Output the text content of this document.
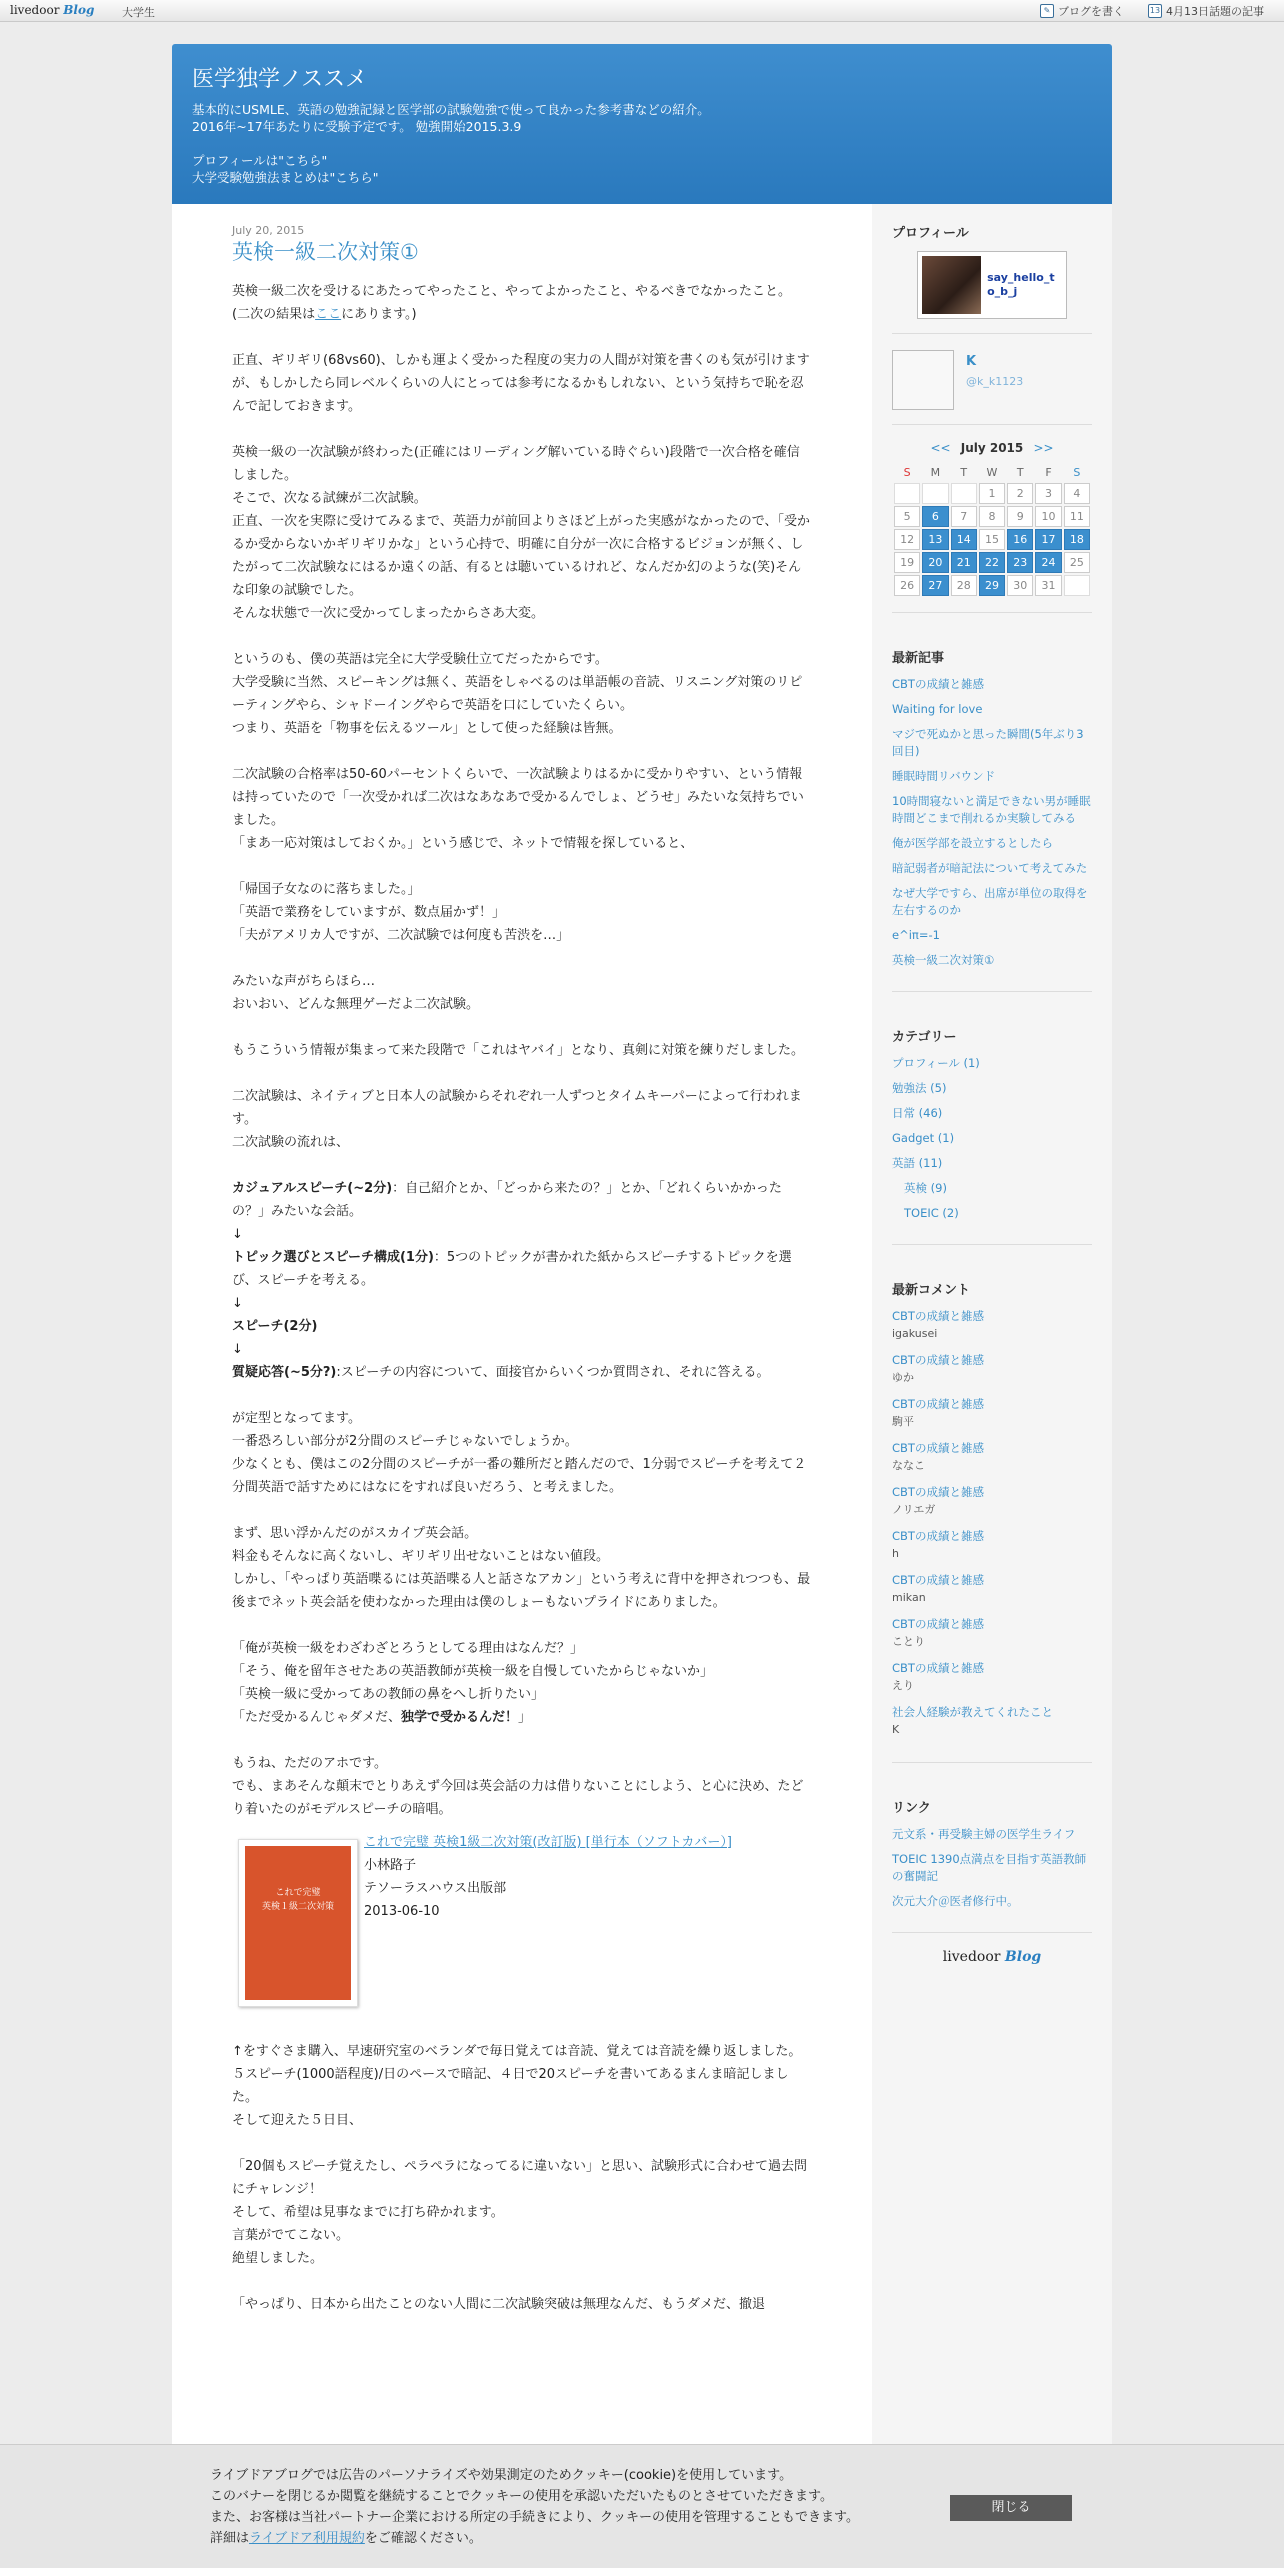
livedoor Blog	大学生	✎ ブログを書く	13 4月13日話題の記事
医学独学ノススメ

基本的にUSMLE、英語の勉強記録と医学部の試験勉強で使って良かった参考書などの紹介。

2016年~17年あたりに受験予定です。 勉強開始2015.3.9

プロフィールは"こちら"

大学受験勉強法まとめは"こちら"

July 20, 2015
英検一級二次対策①

英検一級二次を受けるにあたってやったこと、やってよかったこと、やるべきでなかったこと。

(二次の結果はここにあります。)

正直、ギリギリ(68vs60)、しかも運よく受かった程度の実力の人間が対策を書くのも気が引けますが、もしかしたら同レベルくらいの人にとっては参考になるかもしれない、という気持ちで恥を忍んで記しておきます。

英検一級の一次試験が終わった(正確にはリーディング解いている時ぐらい)段階で一次合格を確信しました。

そこで、次なる試練が二次試験。

正直、一次を実際に受けてみるまで、英語力が前回よりさほど上がった実感がなかったので、「受かるか受からないかギリギリかな」という心持で、明確に自分が一次に合格するビジョンが無く、したがって二次試験なにはるか遠くの話、有るとは聴いているけれど、なんだか幻のような(笑)そんな印象の試験でした。

そんな状態で一次に受かってしまったからさあ大変。

というのも、僕の英語は完全に大学受験仕立てだったからです。

大学受験に当然、スピーキングは無く、英語をしゃべるのは単語帳の音読、リスニング対策のリピーティングやら、シャドーイングやらで英語を口にしていたくらい。

つまり、英語を「物事を伝えるツール」として使った経験は皆無。

二次試験の合格率は50-60パーセントくらいで、一次試験よりはるかに受かりやすい、という情報は持っていたので「一次受かれば二次はなあなあで受かるんでしょ、どうせ」みたいな気持ちでいました。

「まあ一応対策はしておくか。」という感じで、ネットで情報を探していると、

「帰国子女なのに落ちました。」

「英語で業務をしていますが、数点届かず！」

「夫がアメリカ人ですが、二次試験では何度も苦渋を…」

みたいな声がちらほら…

おいおい、どんな無理ゲーだよ二次試験。

もうこういう情報が集まって来た段階で「これはヤバイ」となり、真剣に対策を練りだしました。

二次試験は、ネイティブと日本人の試験からそれぞれ一人ずつとタイムキーパーによって行われます。

二次試験の流れは、

カジュアルスピーチ(~2分)：自己紹介とか、「どっから来たの？」とか、「どれくらいかかったの？」みたいな会話。

↓

トピック選びとスピーチ構成(1分)：5つのトピックが書かれた紙からスピーチするトピックを選び、スピーチを考える。

↓

スピーチ(2分)

↓

質疑応答(~5分?):スピーチの内容について、面接官からいくつか質問され、それに答える。

が定型となってます。

一番恐ろしい部分が2分間のスピーチじゃないでしょうか。

少なくとも、僕はこの2分間のスピーチが一番の難所だと踏んだので、1分弱でスピーチを考えて２分間英語で話すためにはなにをすれば良いだろう、と考えました。

まず、思い浮かんだのがスカイプ英会話。

料金もそんなに高くないし、ギリギリ出せないことはない値段。

しかし、「やっぱり英語喋るには英語喋る人と話さなアカン」という考えに背中を押されつつも、最後までネット英会話を使わなかった理由は僕のしょーもないプライドにありました。

「俺が英検一級をわざわざとろうとしてる理由はなんだ？」

「そう、俺を留年させたあの英語教師が英検一級を自慢していたからじゃないか」

「英検一級に受かってあの教師の鼻をへし折りたい」

「ただ受かるんじゃダメだ、独学で受かるんだ！」

もうね、ただのアホです。

でも、まあそんな顛末でとりあえず今回は英会話の力は借りないことにしよう、と心に決め、たどり着いたのがモデルスピーチの暗唱。

これで完璧
英検１級二次対策
これで完璧 英検1級二次対策(改訂版) [単行本（ソフトカバー）]
小林路子
テソーラスハウス出版部
2013-06-10

↑をすぐさま購入、早速研究室のベランダで毎日覚えては音読、覚えては音読を繰り返しました。

５スピーチ(1000語程度)/日のペースで暗記、４日で20スピーチを書いてあるまんま暗記しました。

そして迎えた５日目、

「20個もスピーチ覚えたし、ペラペラになってるに違いない」と思い、試験形式に合わせて過去問にチャレンジ！

そして、希望は見事なまでに打ち砕かれます。

言葉がでてこない。

絶望しました。

「やっぱり、日本から出たことのない人間に二次試験突破は無理なんだ、もうダメだ、撤退

プロフィール
say_hello_to_b_j
K
@k_k1123
<< July 2015 >>
S	M	T	W	T	F	S
			1	2	3	4
5	6	7	8	9	10	11
12	13	14	15	16	17	18
19	20	21	22	23	24	25
26	27	28	29	30	31	
最新記事
CBTの成績と雑感
Waiting for love
マジで死ぬかと思った瞬間(5年ぶり3回目)
睡眠時間リバウンド
10時間寝ないと満足できない男が睡眠時間どこまで削れるか実験してみる
俺が医学部を設立するとしたら
暗記弱者が暗記法について考えてみた
なぜ大学ですら、出席が単位の取得を左右するのか
e^iπ=-1
英検一級二次対策①
カテゴリー
プロフィール (1)
勉強法 (5)
日常 (46)
Gadget (1)
英語 (11)
英検 (9)
TOEIC (2)
最新コメント
CBTの成績と雑感
igakusei
CBTの成績と雑感
ゆか
CBTの成績と雑感
駒平
CBTの成績と雑感
ななこ
CBTの成績と雑感
ノリエガ
CBTの成績と雑感
h
CBTの成績と雑感
mikan
CBTの成績と雑感
ことり
CBTの成績と雑感
えり
社会人経験が教えてくれたこと
K
リンク
元文系・再受験主婦の医学生ライフ
TOEIC 1390点満点を目指す英語教師の奮闘記
次元大介＠医者修行中。
livedoor Blog
ライブドアブログでは広告のパーソナライズや効果測定のためクッキー(cookie)を使用しています。
このバナーを閉じるか閲覧を継続することでクッキーの使用を承認いただいたものとさせていただきます。
また、お客様は当社パートナー企業における所定の手続きにより、クッキーの使用を管理することもできます。
詳細はライブドア利用規約をご確認ください。
閉じる
